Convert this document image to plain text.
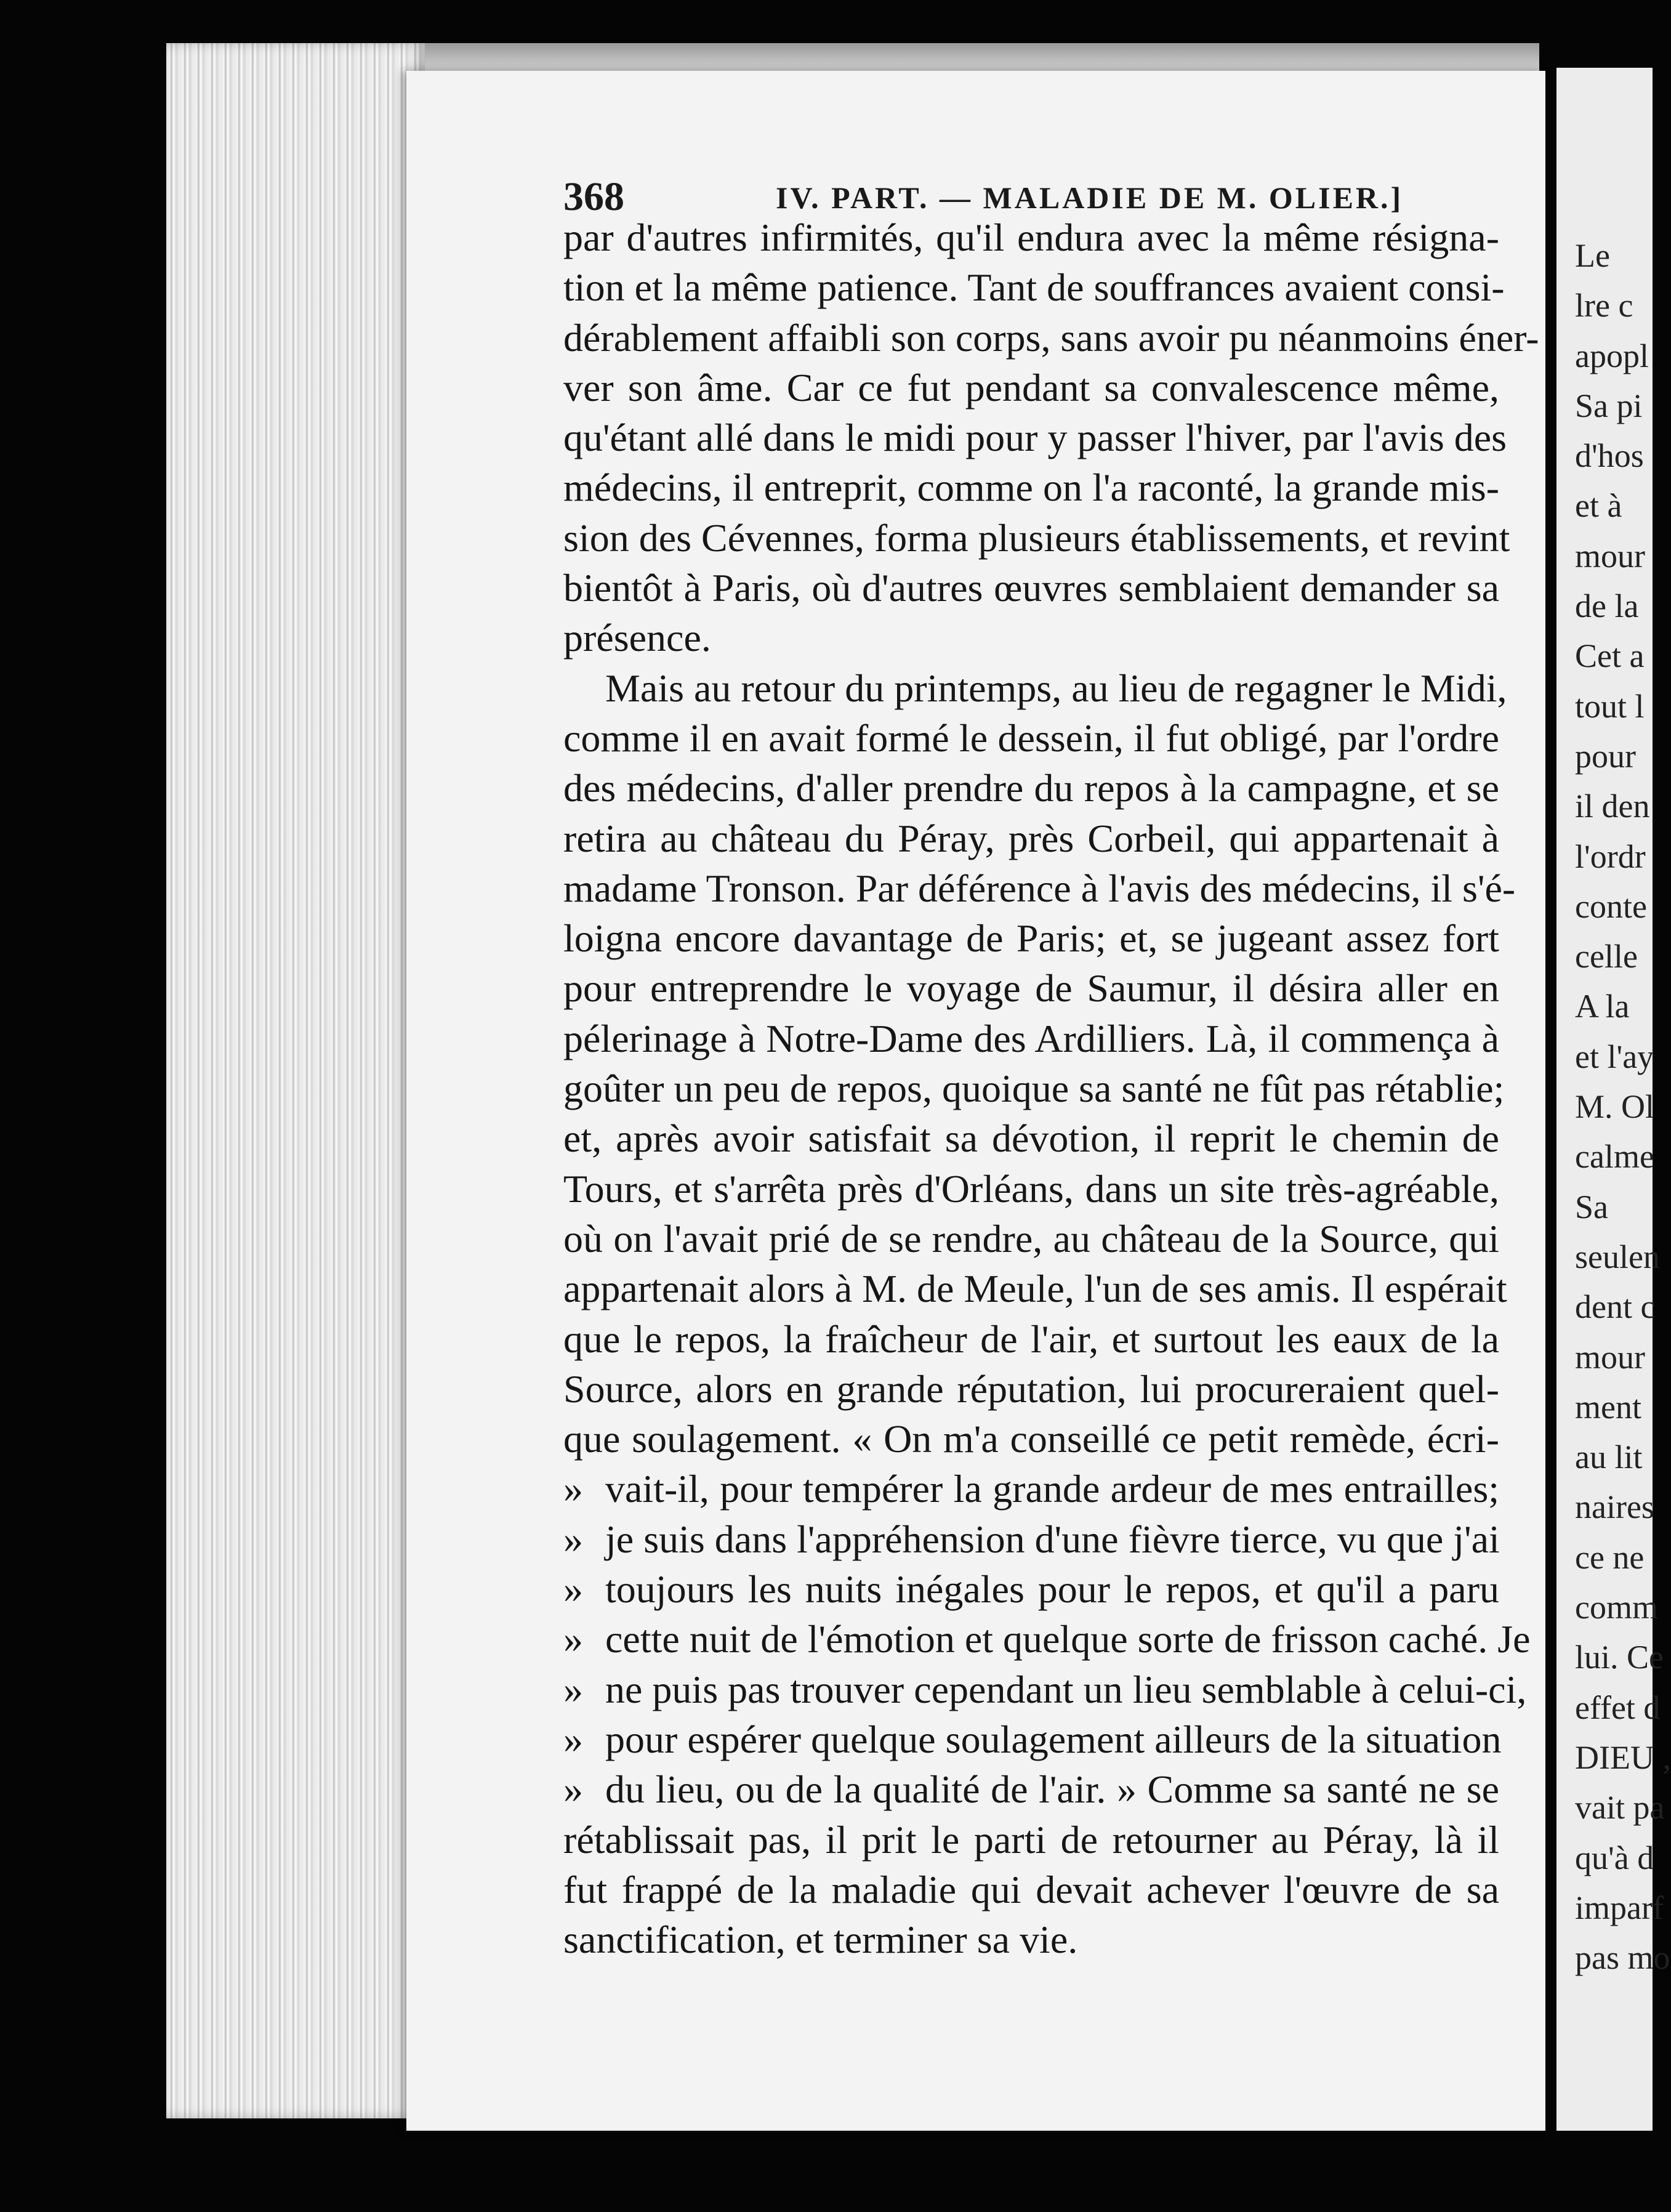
368	IV. PART. — MALADIE DE M. OLIER.]
par d'autres infirmités, qu'il endura avec la même résigna-
tion et la même patience. Tant de souffrances avaient consi-
dérablement affaibli son corps, sans avoir pu néanmoins éner-
ver son âme. Car ce fut pendant sa convalescence même,
qu'étant allé dans le midi pour y passer l'hiver, par l'avis des
médecins, il entreprit, comme on l'a raconté, la grande mis-
sion des Cévennes, forma plusieurs établissements, et revint
bientôt à Paris, où d'autres œuvres semblaient demander sa
présence.
Mais au retour du printemps, au lieu de regagner le Midi,
comme il en avait formé le dessein, il fut obligé, par l'ordre
des médecins, d'aller prendre du repos à la campagne, et se
retira au château du Péray, près Corbeil, qui appartenait à
madame Tronson. Par déférence à l'avis des médecins, il s'é-
loigna encore davantage de Paris; et, se jugeant assez fort
pour entreprendre le voyage de Saumur, il désira aller en
pélerinage à Notre-Dame des Ardilliers. Là, il commença à
goûter un peu de repos, quoique sa santé ne fût pas rétablie;
et, après avoir satisfait sa dévotion, il reprit le chemin de
Tours, et s'arrêta près d'Orléans, dans un site très-agréable,
où on l'avait prié de se rendre, au château de la Source, qui
appartenait alors à M. de Meule, l'un de ses amis. Il espérait
que le repos, la fraîcheur de l'air, et surtout les eaux de la
Source, alors en grande réputation, lui procureraient quel-
que soulagement. « On m'a conseillé ce petit remède, écri-
» vait-il, pour tempérer la grande ardeur de mes entrailles;
» je suis dans l'appréhension d'une fièvre tierce, vu que j'ai
» toujours les nuits inégales pour le repos, et qu'il a paru
» cette nuit de l'émotion et quelque sorte de frisson caché. Je
» ne puis pas trouver cependant un lieu semblable à celui-ci,
» pour espérer quelque soulagement ailleurs de la situation
» du lieu, ou de la qualité de l'air. » Comme sa santé ne se
rétablissait pas, il prit le parti de retourner au Péray, là il
fut frappé de la maladie qui devait achever l'œuvre de sa
sanctification, et terminer sa vie.
Le
lre c
apopl
Sa pi
d'hos
et à
mour
de la
Cet a
tout l
pour
il den
l'ordr
conte
celle
A la
et l'ay
M. Ol
calme
Sa
seulen
dent c
mour
ment
au lit
naires
ce ne
comm
lui. Ce
effet d
DIEU ,
vait pa
qu'à d
imparf
pas mo
